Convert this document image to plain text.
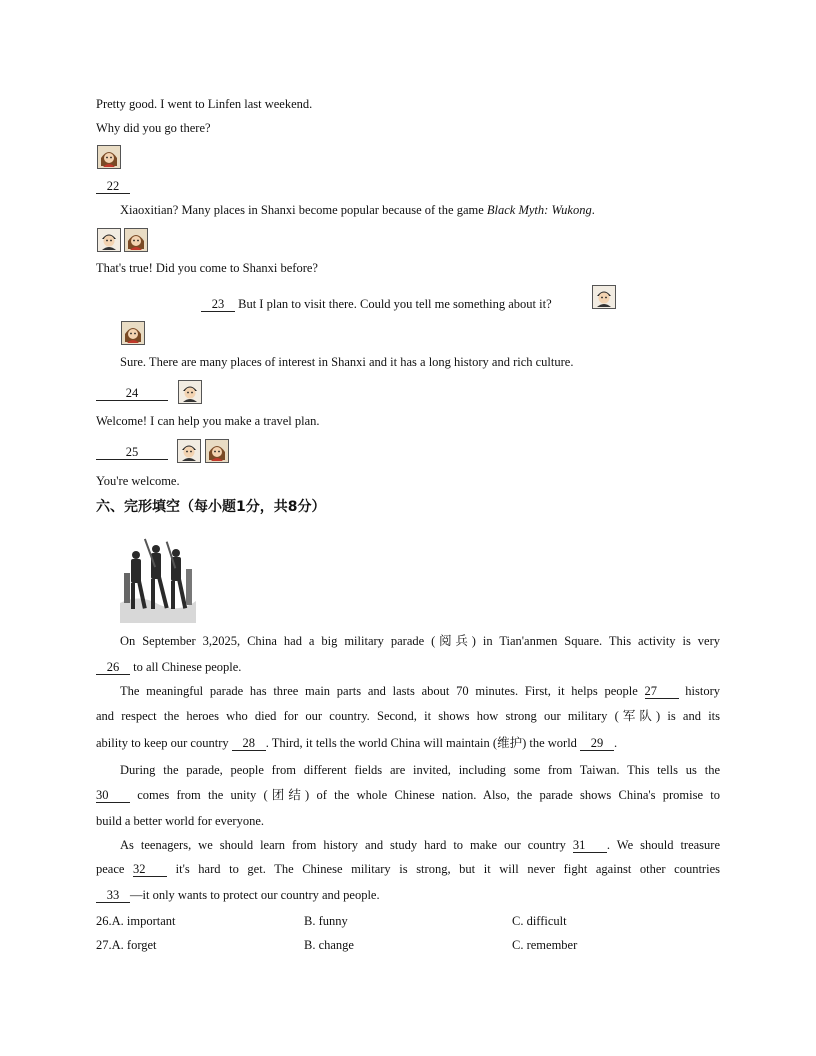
Pretty good. I went to Linfen last weekend.
Why did you go there?
22
Xiaoxitian? Many places in Shanxi become popular because of the game Black Myth: Wukong.
That's true! Did you come to Shanxi before?
23 But I plan to visit there. Could you tell me something about it?
Sure. There are many places of interest in Shanxi and it has a long history and rich culture.
24
Welcome! I can help you make a travel plan.
25
You're welcome.
六、完形填空（每小题1分，共8分）
On September 3,2025, China had a big military parade (阅兵) in Tian'anmen Square. This activity is very
26 to all Chinese people.
The meaningful parade has three main parts and lasts about 70 minutes. First, it helps people 27 history
and respect the heroes who died for our country. Second, it shows how strong our military (军队) is and its
ability to keep our country 28 . Third, it tells the world China will maintain (维护) the world 29 .
During the parade, people from different fields are invited, including some from Taiwan. This tells us the
30 comes from the unity (团结) of the whole Chinese nation. Also, the parade shows China's promise to
build a better world for everyone.
As teenagers, we should learn from history and study hard to make our country 31 . We should treasure
peace 32 it's hard to get. The Chinese military is strong, but it will never fight against other countries
33 —it only wants to protect our country and people.
26.A. important	B. funny	C. difficult
27.A. forget	B. change	C. remember
